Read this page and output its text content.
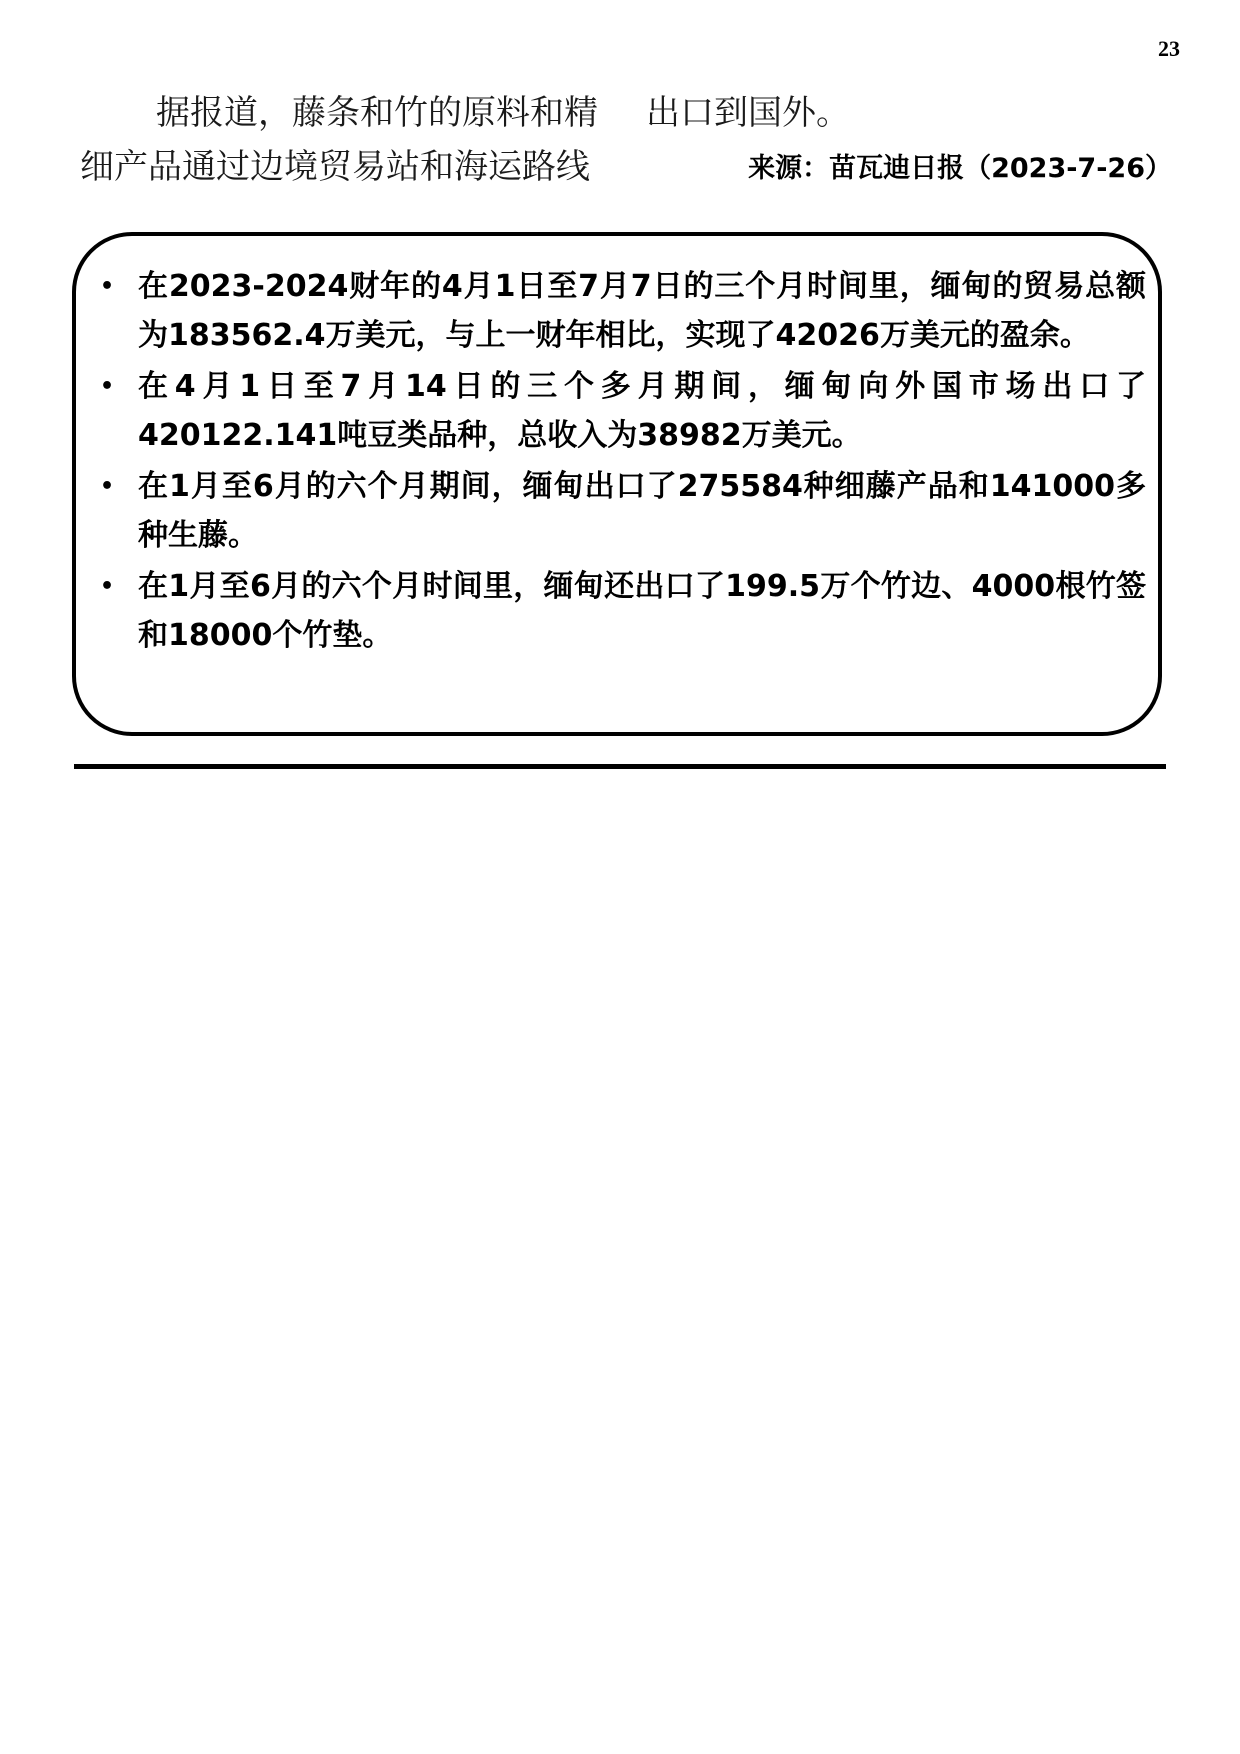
23
据报道，藤条和竹的原料和精
细产品通过边境贸易站和海运路线
出口到国外。
来源：苗瓦迪日报（2023-7-26）
• 在2023-2024财年的4月1日至7月7日的三个月时间里，缅甸的贸易总额为183562.4万美元，与上一财年相比，实现了42026万美元的盈余。
• 在4月1日至7月14日的三个多月期间，缅甸向外国市场出口了420122.141吨豆类品种，总收入为38982万美元。
• 在1月至6月的六个月期间，缅甸出口了275584种细藤产品和141000多种生藤。
• 在1月至6月的六个月时间里，缅甸还出口了199.5万个竹边、4000根竹签和18000个竹垫。
